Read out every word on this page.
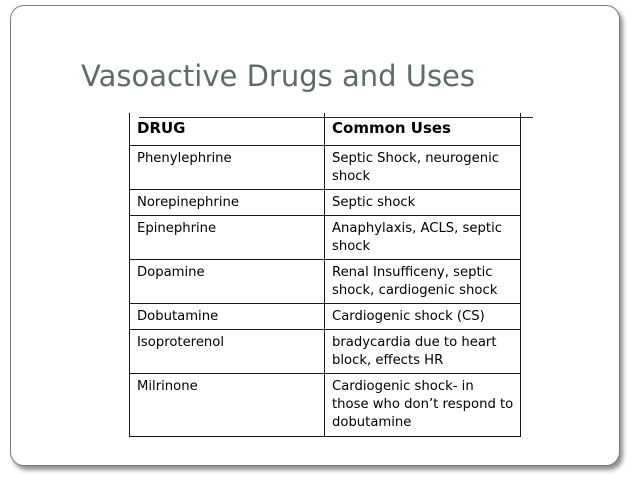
Vasoactive Drugs and Uses
DRUG	Common Uses
Phenylephrine	Septic Shock, neurogenic shock
Norepinephrine	Septic shock
Epinephrine	Anaphylaxis, ACLS, septic shock
Dopamine	Renal Insufficeny, septic shock, cardiogenic shock
Dobutamine	Cardiogenic shock (CS)
Isoproterenol	bradycardia due to heart block, effects HR
Milrinone	Cardiogenic shock- in those who don’t respond to dobutamine
